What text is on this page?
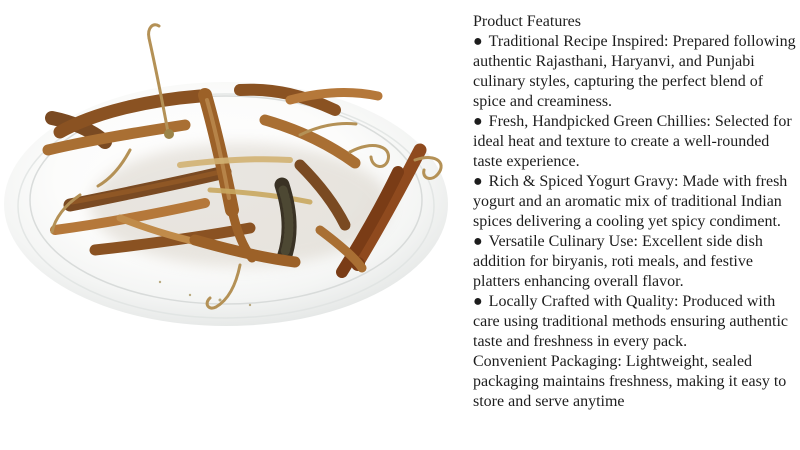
Product Features

● Traditional Recipe Inspired: Prepared following authentic Rajasthani, Haryanvi, and Punjabi culinary styles, capturing the perfect blend of spice and creaminess.

● Fresh, Handpicked Green Chillies: Selected for ideal heat and texture to create a well-rounded taste experience.

● Rich & Spiced Yogurt Gravy: Made with fresh yogurt and an aromatic mix of traditional Indian spices delivering a cooling yet spicy condiment.

● Versatile Culinary Use: Excellent side dish addition for biryanis, roti meals, and festive platters enhancing overall flavor.

● Locally Crafted with Quality: Produced with care using traditional methods ensuring authentic taste and freshness in every pack.

Convenient Packaging: Lightweight, sealed packaging maintains freshness, making it easy to store and serve anytime
